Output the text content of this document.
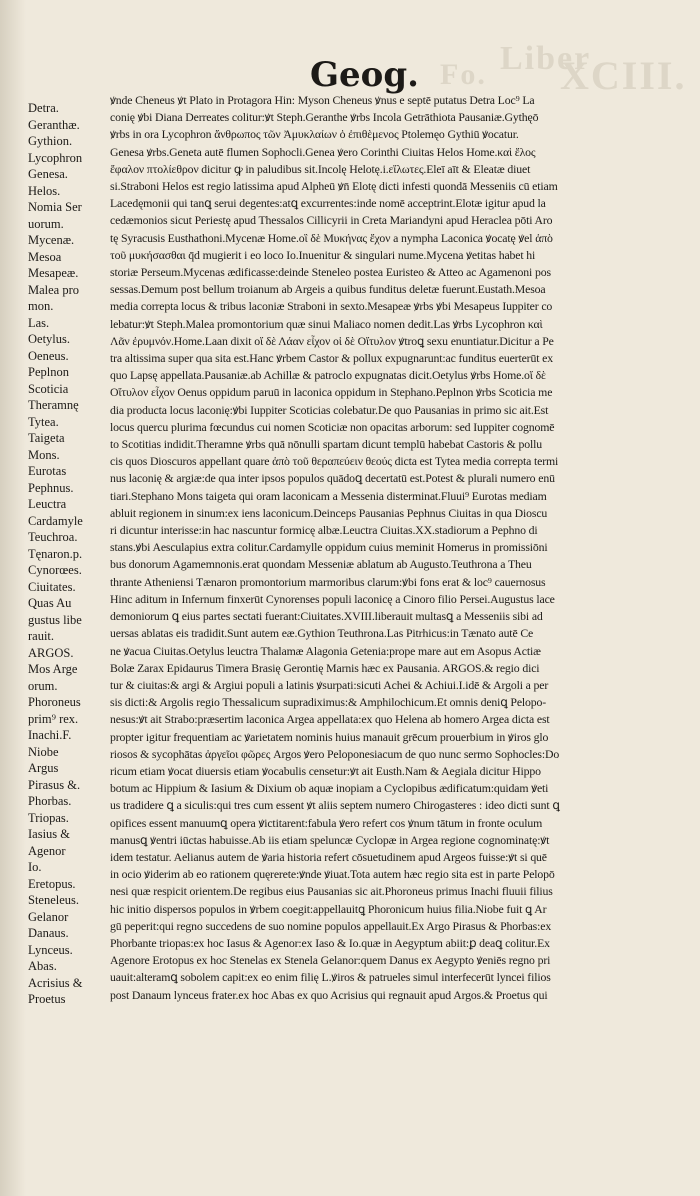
XCIII.
Liber
Fo.
Geog.
Detra.
Geranthæ.
Gythion.
Lycophron
Genesa.
Helos.
Nomia Ser
uorum.
Mycenæ.
Mesoa
Mesapeæ.
Malea pro
mon.
Las.
Oetylus.
Oeneus.
Peplnon
Scoticia
Theramnę
Tytea.
Taigeta
Mons.
Eurotas
Pephnus.
Leuctra
Cardamyle
Teuchroa.
Tęnaron.p.
Cynorœes.
Ciuitates.
Quas Au
gustus libe
rauit.
ARGOS.
Mos Arge
orum.
Phoroneus
prim⁹ rex.
Inachi.F.
Niobe
Argus
Pirasus &.
Phorbas.
Triopas.
Iasius &
Agenor
Io.
Eretopus.
Steneleus.
Gelanor
Danaus.
Lynceus.
Abas.
Acrisius &
Proetus
ꝟnde Cheneus ꝟt Plato in Protagora Hin: Myson Cheneus ꝟnus e septē putatus Detra Loc⁹ La
conię ꝟbi Diana Derreates colitur:ꝟt Steph.Geranthe ꝟrbs Incola Getrāthiota Pausaniæ.Gythęō
ꝟrbs in ora Lycophron ἄνθρωπος τῶν Ἀμυκλαίων ὁ ἐπιθὲμενος Ptolemęo Gythiū ꝟocatur.
Genesa ꝟrbs.Geneta autē flumen Sophocli.Genea ꝟero Corinthi Ciuitas Helos Home.καὶ ἕλος
ἔφαλον πτολίεθρον dicitur ꝙ in paludibus sit.Incolę Helotę.i.εἵλωτες.Eleī aīt & Eleatæ diuet
si.Straboni Helos est regio latissima apud Alpheū ꝟn̄ Elotę dicti infesti quondā Messeniis cū etiam
Lacedęmonii qui tanꝗ serui degentes:atꝗ excurrentes:inde nomē acceptrint.Elotæ igitur apud la
cedæmonios sicut Periestę apud Thessalos Cillicyrii in Creta Mariandyni apud Heraclea pōti Aro
tę Syracusis Eusthathoni.Mycenæ Home.οἳ δὲ Μυκήνας ἔχον a nympha Laconica ꝟocatę ꝟel ἀπὸ
τοῦ μυκήσασθαι q̄d mugierit i eo loco Io.Inuenitur & singulari nume.Mycena ꝟetitas habet hi
storiæ Perseum.Mycenas ædificasse:deinde Steneleo postea Euristeo & Atteo ac Agamenoni pos
sessas.Demum post bellum troianum ab Argeis a quibus funditus deletæ fuerunt.Eustath.Mesoa
media correpta locus & tribus laconiæ Straboni in sexto.Mesapeæ ꝟrbs ꝟbi Mesapeus Iuppiter co
lebatur:ꝟt Steph.Malea promontorium quæ sinui Maliaco nomen dedit.Las ꝟrbs Lycophron καὶ
Λᾶν ἐρυμνόν.Home.Laan dixit οἵ δὲ Λάαν εἶχον οἱ δὲ Οἴτυλον ꝟtroꝗ sexu enuntiatur.Dicitur a Pe
tra altissima super qua sita est.Hanc ꝟrbem Castor & pollux expugnarunt:ac funditus euerterūt ex
quo Lapsę appellata.Pausaniæ.ab Achillæ & patroclo expugnatas dicit.Oetylus ꝟrbs Home.οἵ δὲ
Οἴτυλον εἶχον Oenus oppidum paruū in laconica oppidum in Stephano.Peplnon ꝟrbs Scoticia me
dia producta locus laconię:ꝟbi Iuppiter Scoticias colebatur.De quo Pausanias in primo sic ait.Est
locus quercu plurima fœcundus cui nomen Scoticiæ non opacitas arborum: sed Iuppiter cognomē
to Scotitias indidit.Theramne ꝟrbs quā nōnulli spartam dicunt templū habebat Castoris & pollu
cis quos Dioscuros appellant quare ἀπὸ τοῦ θεραπεύειν θεούς dicta est Tytea media correpta termi
nus laconię & argiæ:de qua inter ipsos populos quādoꝗ decertatū est.Potest & plurali numero enū
tiari.Stephano Mons taigeta qui oram laconicam a Messenia disterminat.Fluui⁹ Eurotas mediam
abluit regionem in sinum:ex iens laconicum.Deinceps Pausanias Pephnus Ciuitas in qua Dioscu
ri dicuntur interisse:in hac nascuntur formicę albæ.Leuctra Ciuitas.XX.stadiorum a Pephno di
stans.ꝟbi Aesculapius extra colitur.Cardamylle oppidum cuius meminit Homerus in promissiōni
bus donorum Agamemnonis.erat quondam Messeniæ ablatum ab Augusto.Teuthrona a Theu
thrante Atheniensi Tænaron promontorium marmoribus clarum:ꝟbi fons erat & loc⁹ cauernosus
Hinc aditum in Infernum finxerūt Cynorenses populi laconicę a Cinoro filio Persei.Augustus lace
demoniorum ꝗ eius partes sectati fuerant:Ciuitates.XVIII.liberauit multasꝗ a Messeniis sibi ad
uersas ablatas eis tradidit.Sunt autem eæ.Gythion Teuthrona.Las Pitrhicus:in Tænato autē Ce
ne ꝟacua Ciuitas.Oetylus leuctra Thalamæ Alagonia Getenia:prope mare aut em Asopus Actiæ
Bolæ Zarax Epidaurus Timera Brasię Gerontię Marnis hæc ex Pausania. ARGOS.& regio dici
tur & ciuitas:& argi & Argiui populi a latinis ꝟsurpati:sicuti Achei & Achiui.I.idē & Argoli a per
sis dicti:& Argolis regio Thessalicum supradiximus:& Amphilochicum.Et omnis deniꝗ Pelopo-
nesus:ꝟt ait Strabo:præsertim laconica Argea appellata:ex quo Helena ab homero Argea dicta est
propter igitur frequentiam ac ꝟarietatem nominis huius manauit grēcum prouerbium in ꝟiros glo
riosos & sycophātas ἀργεῖοι φῶρες Argos ꝟero Peloponesiacum de quo nunc sermo Sophocles:Do
ricum etiam ꝟocat diuersis etiam ꝟocabulis censetur:ꝟt ait Eusth.Nam & Aegiala dicitur Hippo
botum ac Hippium & Iasium & Dixium ob aquæ inopiam a Cyclopibus ædificatum:quidam ꝟeti
us tradidere ꝗ a siculis:qui tres cum essent ꝟt aliis septem numero Chirogasteres : ideo dicti sunt ꝗ
opifices essent manuumꝗ opera ꝟictitarent:fabula ꝟero refert cos ꝟnum tātum in fronte oculum
manusꝗ ꝟentri iūctas habuisse.Ab iis etiam speluncæ Cyclopæ in Argea regione cognominatę:ꝟt
idem testatur. Aelianus autem de ꝟaria historia refert cōsuetudinem apud Argeos fuisse:ꝟt si quē
in ocio ꝟiderim ab eo rationem quęrerete:ꝟnde ꝟiuat.Tota autem hæc regio sita est in parte Pelopō
nesi quæ respicit orientem.De regibus eius Pausanias sic ait.Phoroneus primus Inachi fluuii filius
hic initio dispersos populos in ꝟrbem coegit:appellauitꝗ Phoronicum huius filia.Niobe fuit ꝗ Ar
gū peperit:qui regno succedens de suo nomine populos appellauit.Ex Argo Pirasus & Phorbas:ex
Phorbante triopas:ex hoc Iasus & Agenor:ex Iaso & Io.quæ in Aegyptum abiit:ꝑ deaꝗ colitur.Ex
Agenore Erotopus ex hoc Stenelas ex Stenela Gelanor:quem Danus ex Aegypto ꝟeniēs regno pri
uauit:alteramꝗ sobolem capit:ex eo enim filię L.ꝟiros & patrueles simul interfecerūt lyncei filios
post Danaum lynceus frater.ex hoc Abas ex quo Acrisius qui regnauit apud Argos.& Proetus qui
